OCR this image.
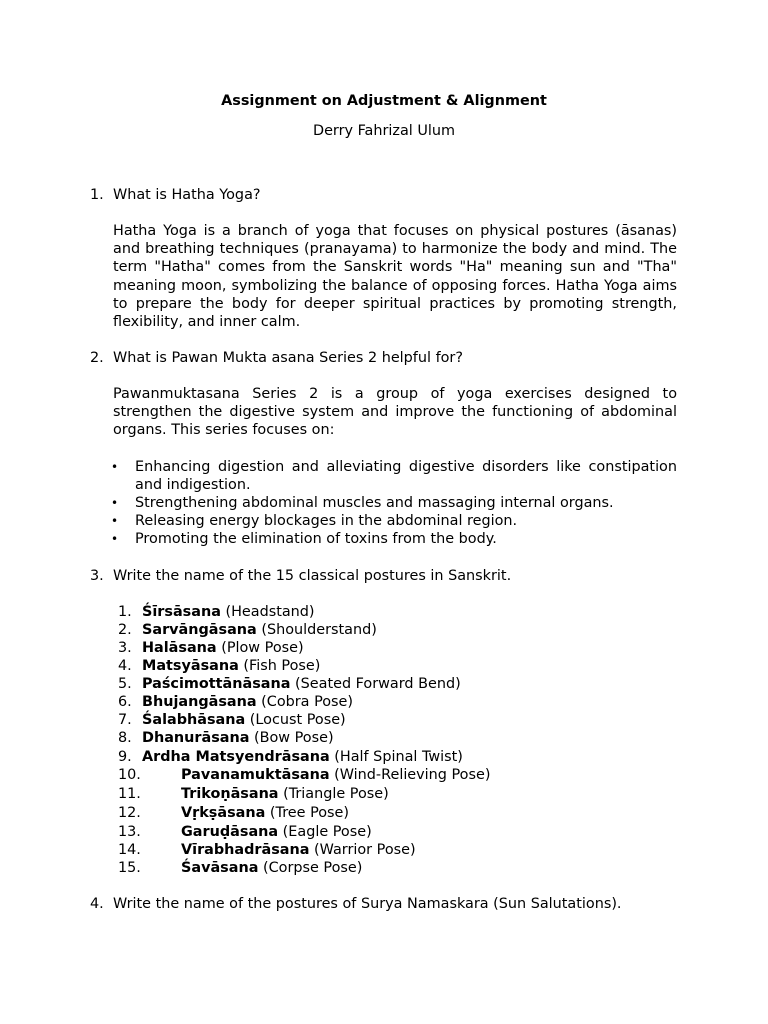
Assignment on Adjustment & Alignment
Derry Fahrizal Ulum
1. What is Hatha Yoga?
Hatha Yoga is a branch of yoga that focuses on physical postures (āsanas) and breathing techniques (pranayama) to harmonize the body and mind. The term "Hatha" comes from the Sanskrit words "Ha" meaning sun and "Tha" meaning moon, symbolizing the balance of opposing forces. Hatha Yoga aims to prepare the body for deeper spiritual practices by promoting strength, flexibility, and inner calm.
2. What is Pawan Mukta asana Series 2 helpful for?
Pawanmuktasana Series 2 is a group of yoga exercises designed to strengthen the digestive system and improve the functioning of abdominal organs. This series focuses on:
• Enhancing digestion and alleviating digestive disorders like constipation and indigestion.
• Strengthening abdominal muscles and massaging internal organs.
• Releasing energy blockages in the abdominal region.
• Promoting the elimination of toxins from the body.
3. Write the name of the 15 classical postures in Sanskrit.
1. Śīrsāsana (Headstand)
2. Sarvāngāsana (Shoulderstand)
3. Halāsana (Plow Pose)
4. Matsyāsana (Fish Pose)
5. Paścimottānāsana (Seated Forward Bend)
6. Bhujangāsana (Cobra Pose)
7. Śalabhāsana (Locust Pose)
8. Dhanurāsana (Bow Pose)
9. Ardha Matsyendrāsana (Half Spinal Twist)
10.	Pavanamuktāsana (Wind-Relieving Pose)
11.	Trikoṇāsana (Triangle Pose)
12.	Vṛkṣāsana (Tree Pose)
13.	Garuḍāsana (Eagle Pose)
14.	Vīrabhadrāsana (Warrior Pose)
15.	Śavāsana (Corpse Pose)
4. Write the name of the postures of Surya Namaskara (Sun Salutations).
